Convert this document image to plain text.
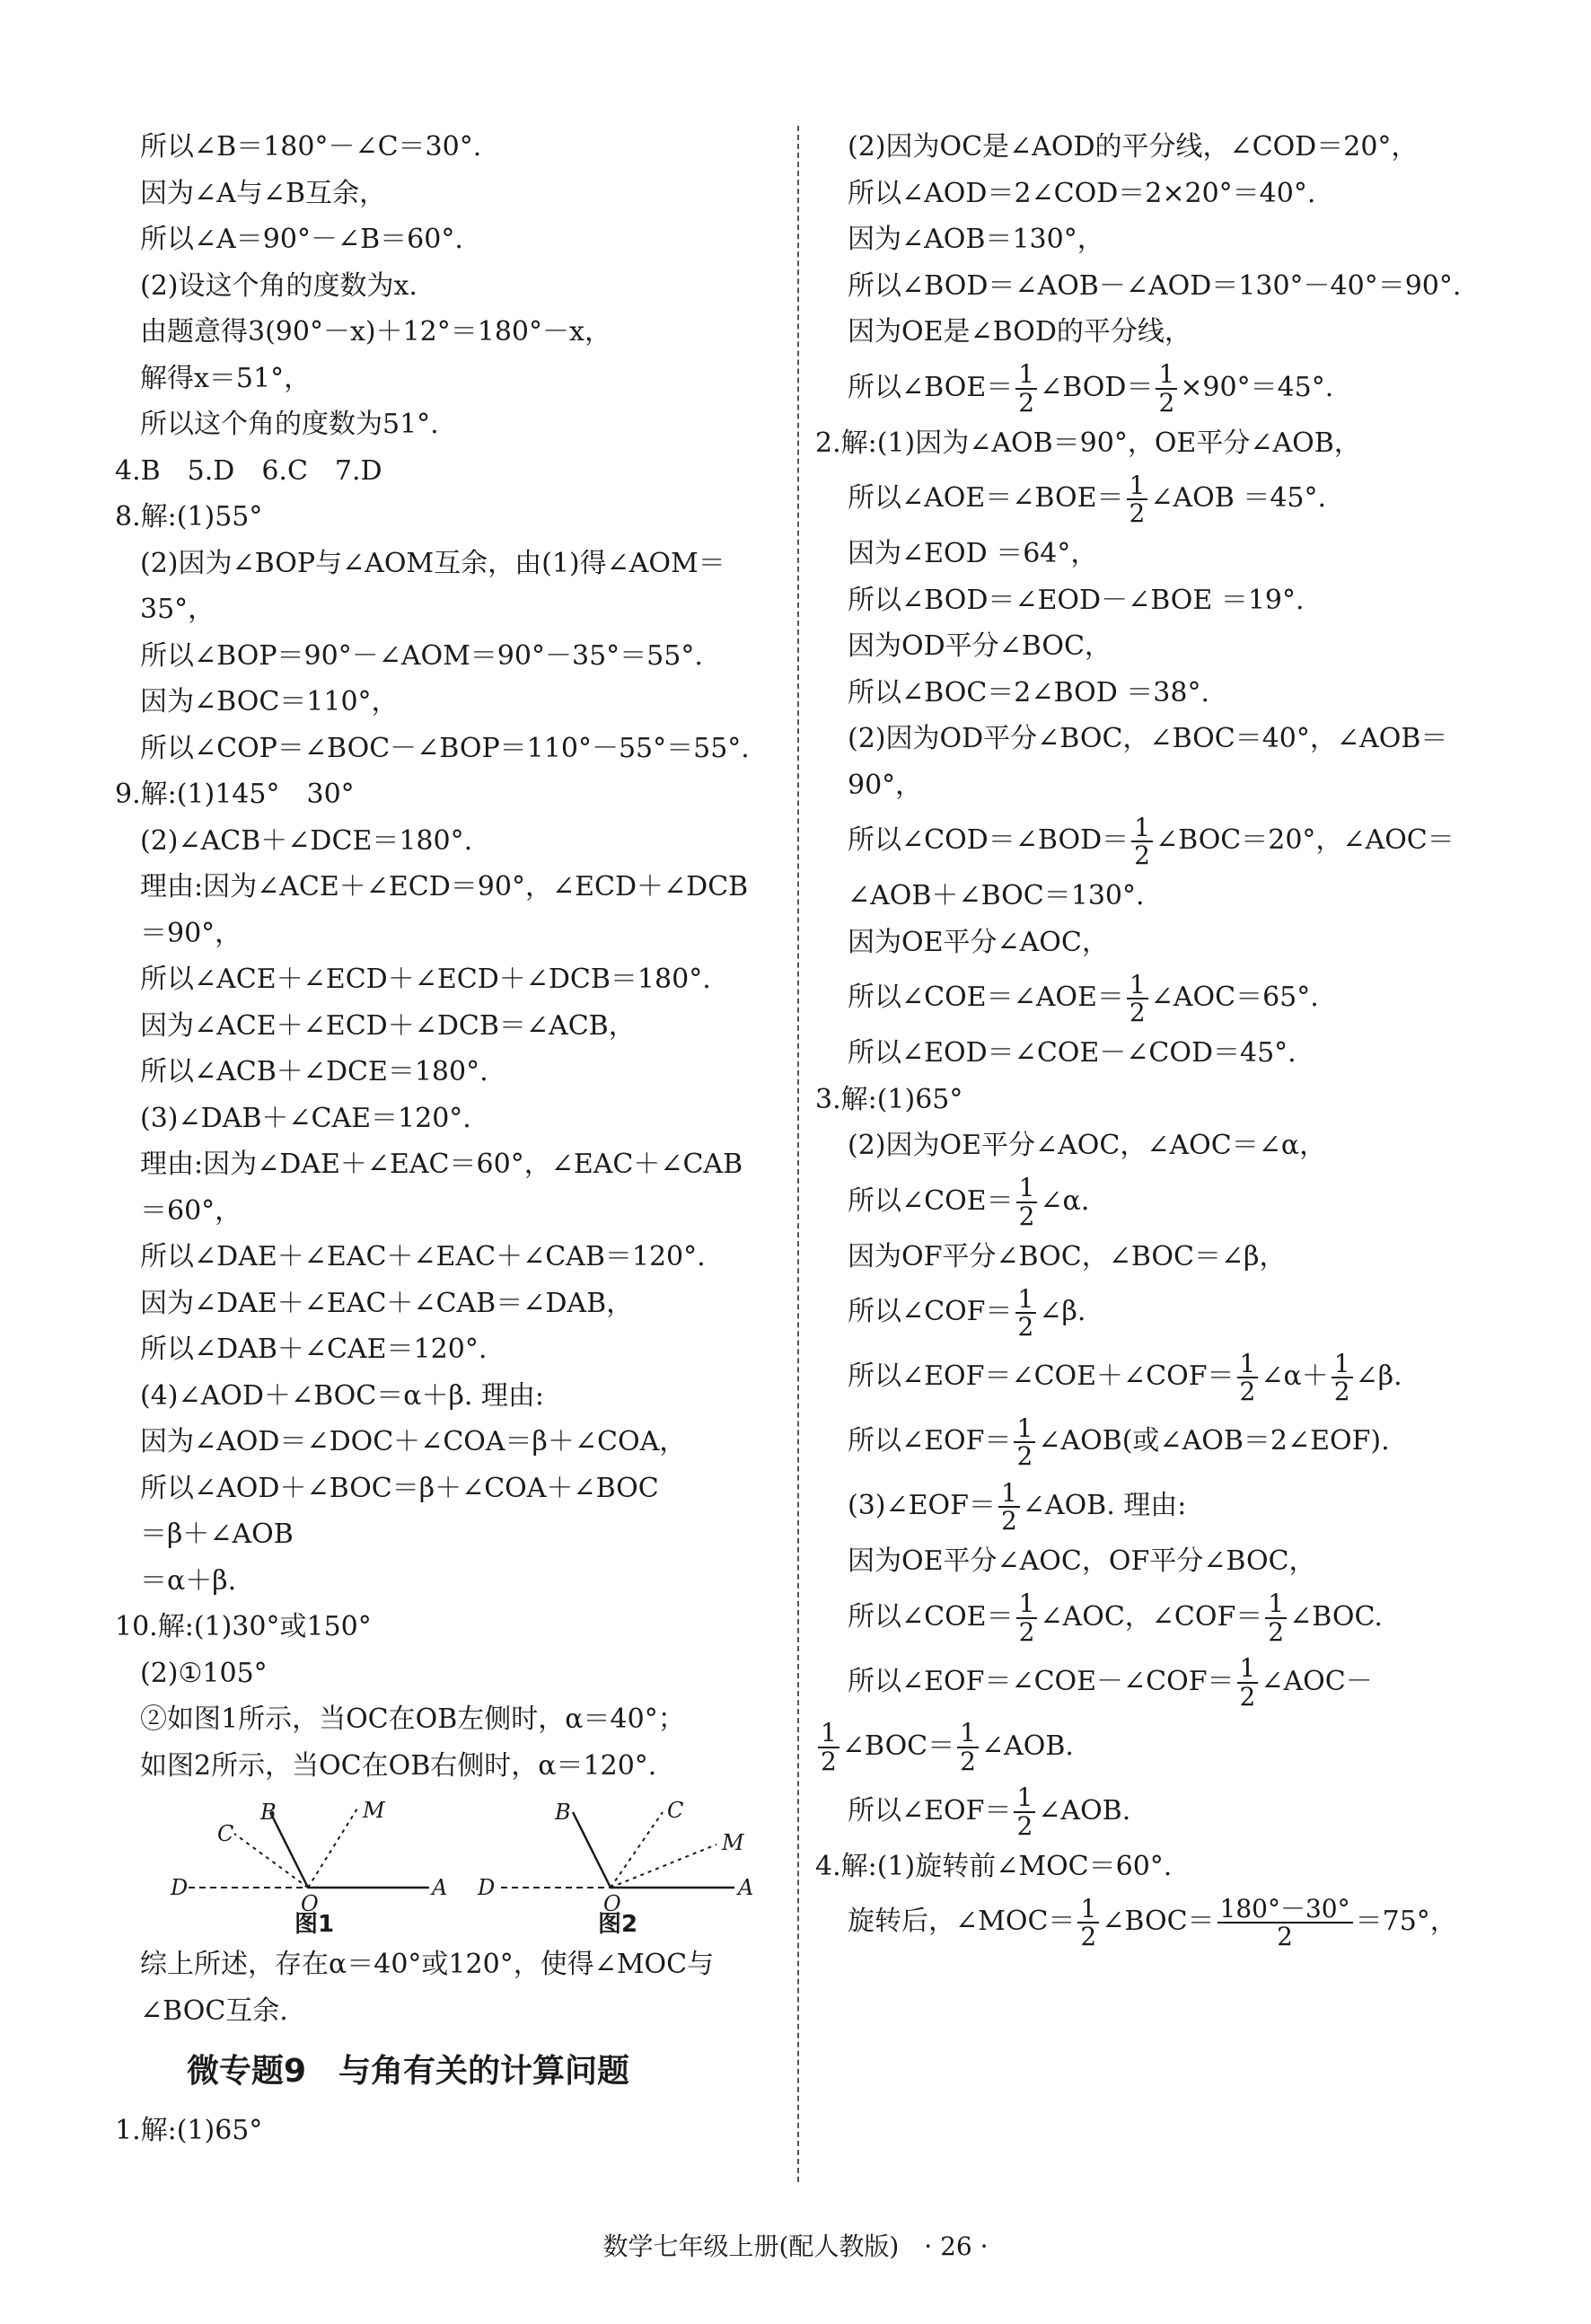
所以∠B＝180°－∠C＝30°.
因为∠A与∠B互余，
所以∠A＝90°－∠B＝60°.
(2)设这个角的度数为x.
由题意得3(90°－x)＋12°＝180°－x，
解得x＝51°，
所以这个角的度数为51°.
4.B　5.D　6.C　7.D
8.解:(1)55°
(2)因为∠BOP与∠AOM互余，由(1)得∠AOM＝
35°，
所以∠BOP＝90°－∠AOM＝90°－35°＝55°.
因为∠BOC＝110°，
所以∠COP＝∠BOC－∠BOP＝110°－55°＝55°.
9.解:(1)145°　30°
(2)∠ACB＋∠DCE＝180°.
理由:因为∠ACE＋∠ECD＝90°，∠ECD＋∠DCB
＝90°，
所以∠ACE＋∠ECD＋∠ECD＋∠DCB＝180°.
因为∠ACE＋∠ECD＋∠DCB＝∠ACB，
所以∠ACB＋∠DCE＝180°.
(3)∠DAB＋∠CAE＝120°.
理由:因为∠DAE＋∠EAC＝60°，∠EAC＋∠CAB
＝60°，
所以∠DAE＋∠EAC＋∠EAC＋∠CAB＝120°.
因为∠DAE＋∠EAC＋∠CAB＝∠DAB，
所以∠DAB＋∠CAE＝120°.
(4)∠AOD＋∠BOC＝α＋β. 理由:
因为∠AOD＝∠DOC＋∠COA＝β＋∠COA，
所以∠AOD＋∠BOC＝β＋∠COA＋∠BOC
＝β＋∠AOB
＝α＋β.
10.解:(1)30°或150°
(2)①105°
②如图1所示，当OC在OB左侧时，α＝40°；
如图2所示，当OC在OB右侧时，α＝120°.
B	M
C
D
O
A
B	C
M
D
O
A
图1	图2
综上所述，存在α＝40°或120°，使得∠MOC与
∠BOC互余.
微专题9　与角有关的计算问题
1.解:(1)65°
(2)因为OC是∠AOD的平分线，∠COD＝20°，
所以∠AOD＝2∠COD＝2×20°＝40°.
因为∠AOB＝130°，
所以∠BOD＝∠AOB－∠AOD＝130°－40°＝90°.
因为OE是∠BOD的平分线，
所以∠BOE＝ $\frac{1}{2}$ ∠BOD＝ $\frac{1}{2} \times 90^\circ=45^\circ$.
2.解:(1)因为∠AOB＝90°，OE平分∠AOB，
所以∠AOE＝∠BOE＝ $\frac{1}{2}$ ∠AOB ＝45°.
因为∠EOD ＝64°，
所以∠BOD＝∠EOD－∠BOE ＝19°.
因为OD平分∠BOC，
所以∠BOC＝2∠BOD ＝38°.
(2)因为OD平分∠BOC，∠BOC＝40°，∠AOB＝
90°，
所以∠COD＝∠BOD＝ $\frac{1}{2}$ ∠BOC＝20°，∠AOC＝
∠AOB＋∠BOC＝130°.
因为OE平分∠AOC，
所以∠COE＝∠AOE＝ $\frac{1}{2}$ ∠AOC＝65°.
所以∠EOD＝∠COE－∠COD＝45°.
3.解:(1)65°
(2)因为OE平分∠AOC，∠AOC＝∠α，
所以∠COE＝ $\frac{1}{2}$ ∠α.
因为OF平分∠BOC，∠BOC＝∠β，
所以∠COF＝ $\frac{1}{2}$ ∠β.
所以∠EOF＝∠COE＋∠COF＝ $\frac{1}{2}$ ∠α＋ $\frac{1}{2}$ ∠β.
所以∠EOF＝ $\frac{1}{2}$ ∠AOB(或∠AOB＝2∠EOF).
(3)∠EOF＝ $\frac{1}{2}$ ∠AOB. 理由:
因为OE平分∠AOC，OF平分∠BOC，
所以∠COE＝ $\frac{1}{2}$ ∠AOC，∠COF＝ $\frac{1}{2}$ ∠BOC.
所以∠EOF＝∠COE－∠COF＝ $\frac{1}{2}$ ∠AOC－
$\frac{1}{2}$ ∠BOC＝ $\frac{1}{2}$ ∠AOB.
所以∠EOF＝ $\frac{1}{2}$ ∠AOB.
4.解:(1)旋转前∠MOC＝60°.
旋转后，∠MOC＝ $\frac{1}{2}$ ∠BOC＝ $\frac{180^\circ-30^\circ}{2} =75^\circ$，
数学七年级上册(配人教版)　· 26 ·
